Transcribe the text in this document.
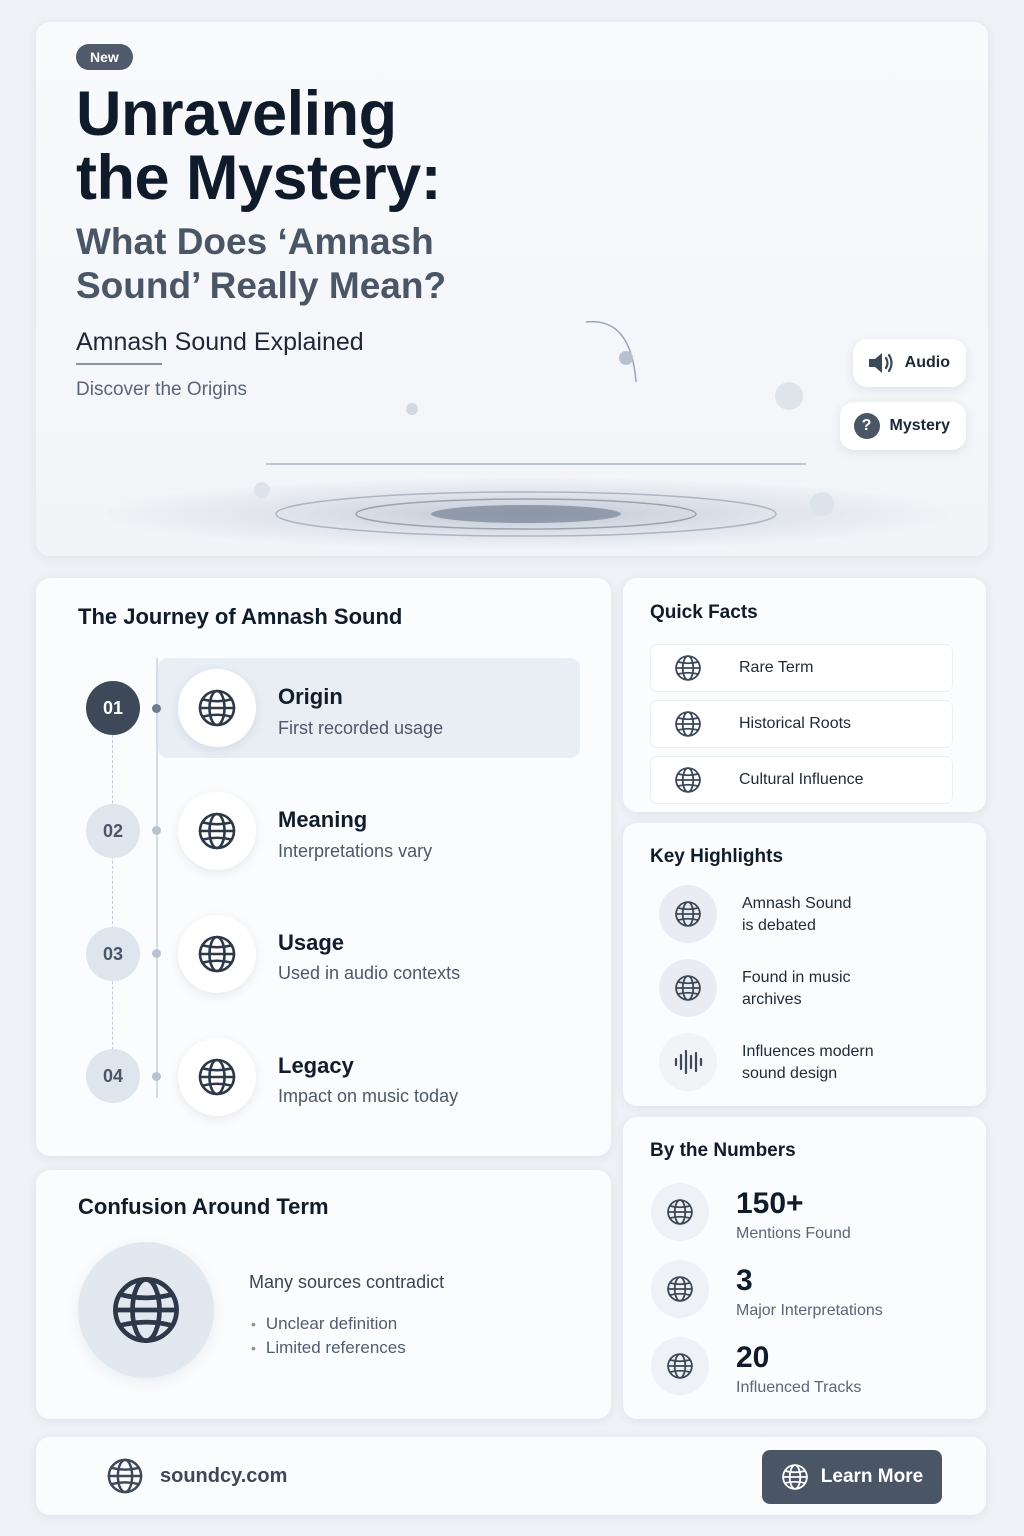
New
Unraveling
the Mystery:
What Does ‘Amnash
Sound’ Really Mean?
Amnash Sound Explained
Discover the Origins
Audio
?	Mystery
The Journey of Amnash Sound
01	Origin
First recorded usage
02	Meaning
Interpretations vary
03	Usage
Used in audio contexts
04	Legacy
Impact on music today
Confusion Around Term
Many sources contradict
• Unclear definition
• Limited references
Quick Facts
Rare Term
Historical Roots
Cultural Influence
Key Highlights
Amnash Sound
is debated
Found in music
archives
Influences modern
sound design
By the Numbers
150+
Mentions Found
3
Major Interpretations
20
Influenced Tracks
soundcy.com	Learn More
